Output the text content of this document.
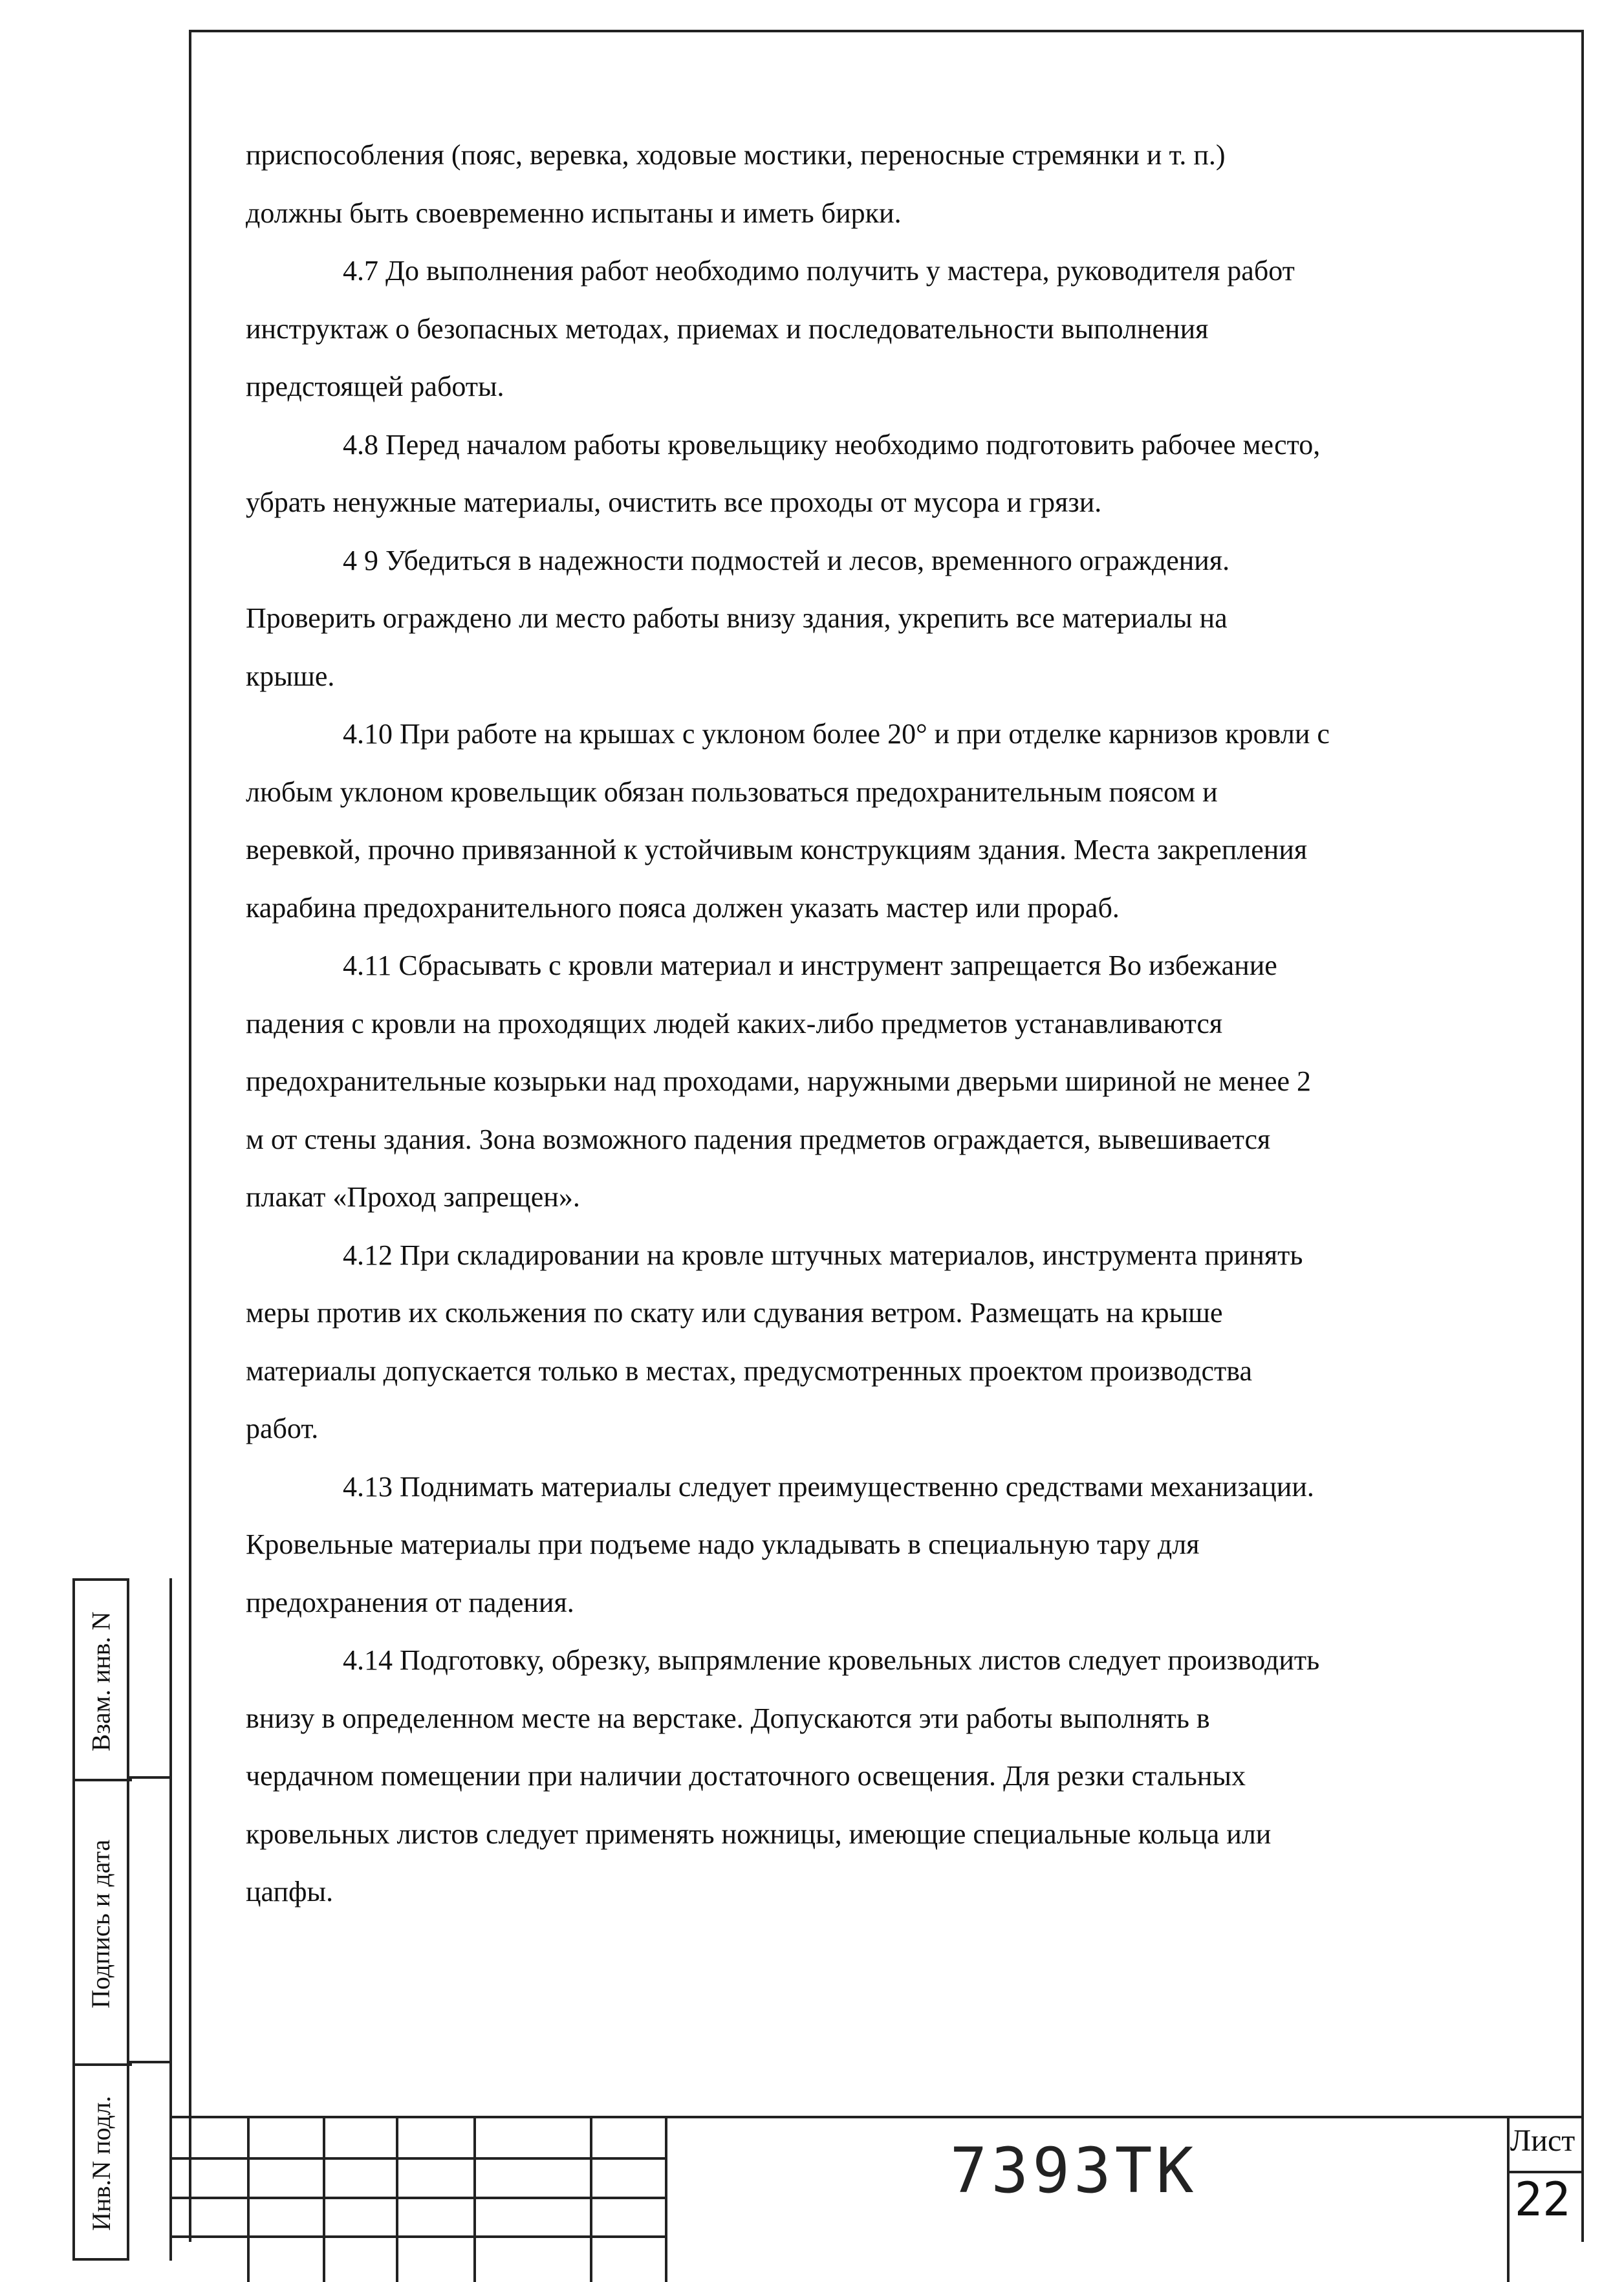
приспособления (пояс, веревка, ходовые мостики, переносные стремянки и т. п.)

должны быть своевременно испытаны и иметь бирки.

4.7 До выполнения работ необходимо получить у мастера, руководителя работ

инструктаж о безопасных методах, приемах и последовательности выполнения

предстоящей работы.

4.8 Перед началом работы кровельщику необходимо подготовить рабочее место,

убрать ненужные материалы, очистить все проходы от мусора и грязи.

4 9 Убедиться в надежности подмостей и лесов, временного ограждения.

Проверить ограждено ли место работы внизу здания, укрепить все материалы на

крыше.

4.10 При работе на крышах с уклоном более 20° и при отделке карнизов кровли с

любым уклоном кровельщик обязан пользоваться предохранительным поясом и

веревкой, прочно привязанной к устойчивым конструкциям здания. Места закрепления

карабина предохранительного пояса должен указать мастер или прораб.

4.11 Сбрасывать с кровли материал и инструмент запрещается Во избежание

падения с кровли на проходящих людей каких-либо предметов устанавливаются

предохранительные козырьки над проходами, наружными дверьми шириной не менее 2

м от стены здания. Зона возможного падения предметов ограждается, вывешивается

плакат «Проход запрещен».

4.12 При складировании на кровле штучных материалов, инструмента принять

меры против их скольжения по скату или сдувания ветром. Размещать на крыше

материалы допускается только в местах, предусмотренных проектом производства

работ.

4.13 Поднимать материалы следует преимущественно средствами механизации.

Кровельные материалы при подъеме надо укладывать в специальную тару для

предохранения от падения.

4.14 Подготовку, обрезку, выпрямление кровельных листов следует производить

внизу в определенном месте на верстаке. Допускаются эти работы выполнять в

чердачном помещении при наличии достаточного освещения. Для резки стальных

кровельных листов следует применять ножницы, имеющие специальные кольца или

цапфы.

Взам. инв. N
Подпись и дата
Инв.N подл.	7393ТК	Лист
22
